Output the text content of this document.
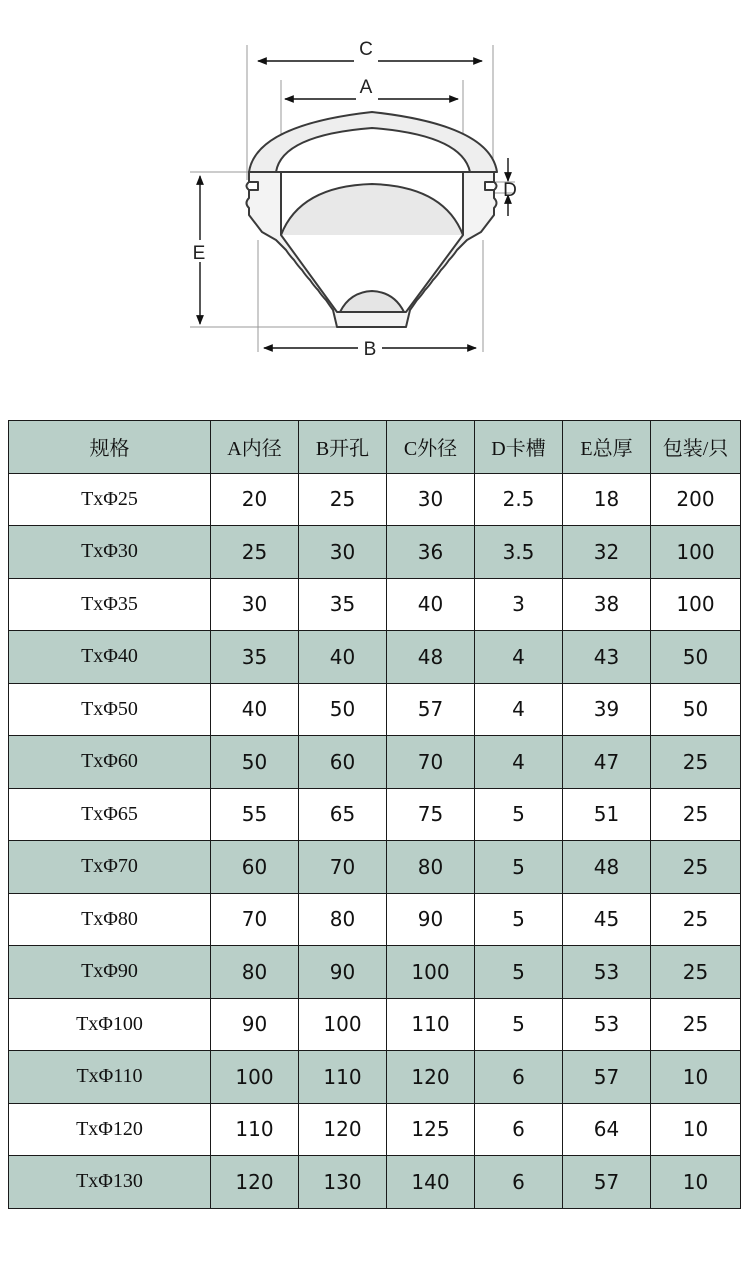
C
A
B
E
D
规格	A内径	B开孔	C外径	D卡槽	E总厚	包装/只
TxΦ25	20	25	30	2.5	18	200
TxΦ30	25	30	36	3.5	32	100
TxΦ35	30	35	40	3	38	100
TxΦ40	35	40	48	4	43	50
TxΦ50	40	50	57	4	39	50
TxΦ60	50	60	70	4	47	25
TxΦ65	55	65	75	5	51	25
TxΦ70	60	70	80	5	48	25
TxΦ80	70	80	90	5	45	25
TxΦ90	80	90	100	5	53	25
TxΦ100	90	100	110	5	53	25
TxΦ110	100	110	120	6	57	10
TxΦ120	110	120	125	6	64	10
TxΦ130	120	130	140	6	57	10
